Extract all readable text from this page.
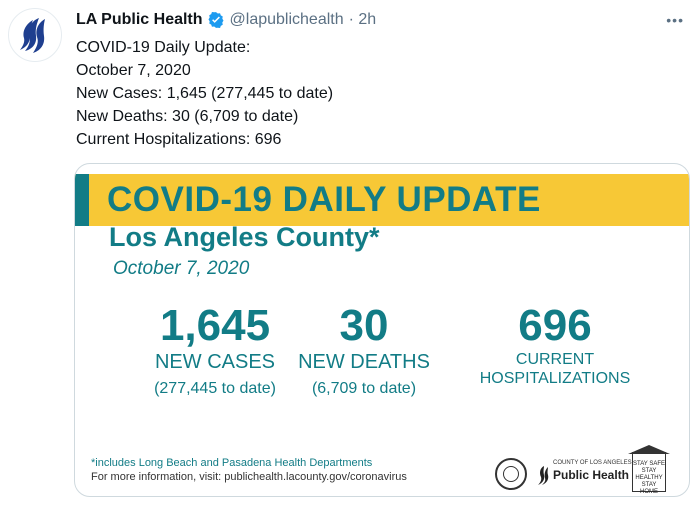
LA Public Health @lapublichealth · 2h	•••
COVID-19 Daily Update:
October 7, 2020
New Cases: 1,645 (277,445 to date)
New Deaths: 30 (6,709 to date)
Current Hospitalizations: 696
COVID-19 DAILY UPDATE
Los Angeles County*
October 7, 2020
1,645
NEW CASES
(277,445 to date)
30
NEW DEATHS
(6,709 to date)
696
CURRENT
HOSPITALIZATIONS
*includes Long Beach and Pasadena Health Departments
For more information, visit: publichealth.lacounty.gov/coronavirus
COUNTY OF LOS ANGELES
Public Health
STAY SAFE
STAY HEALTHY
STAY HOME
